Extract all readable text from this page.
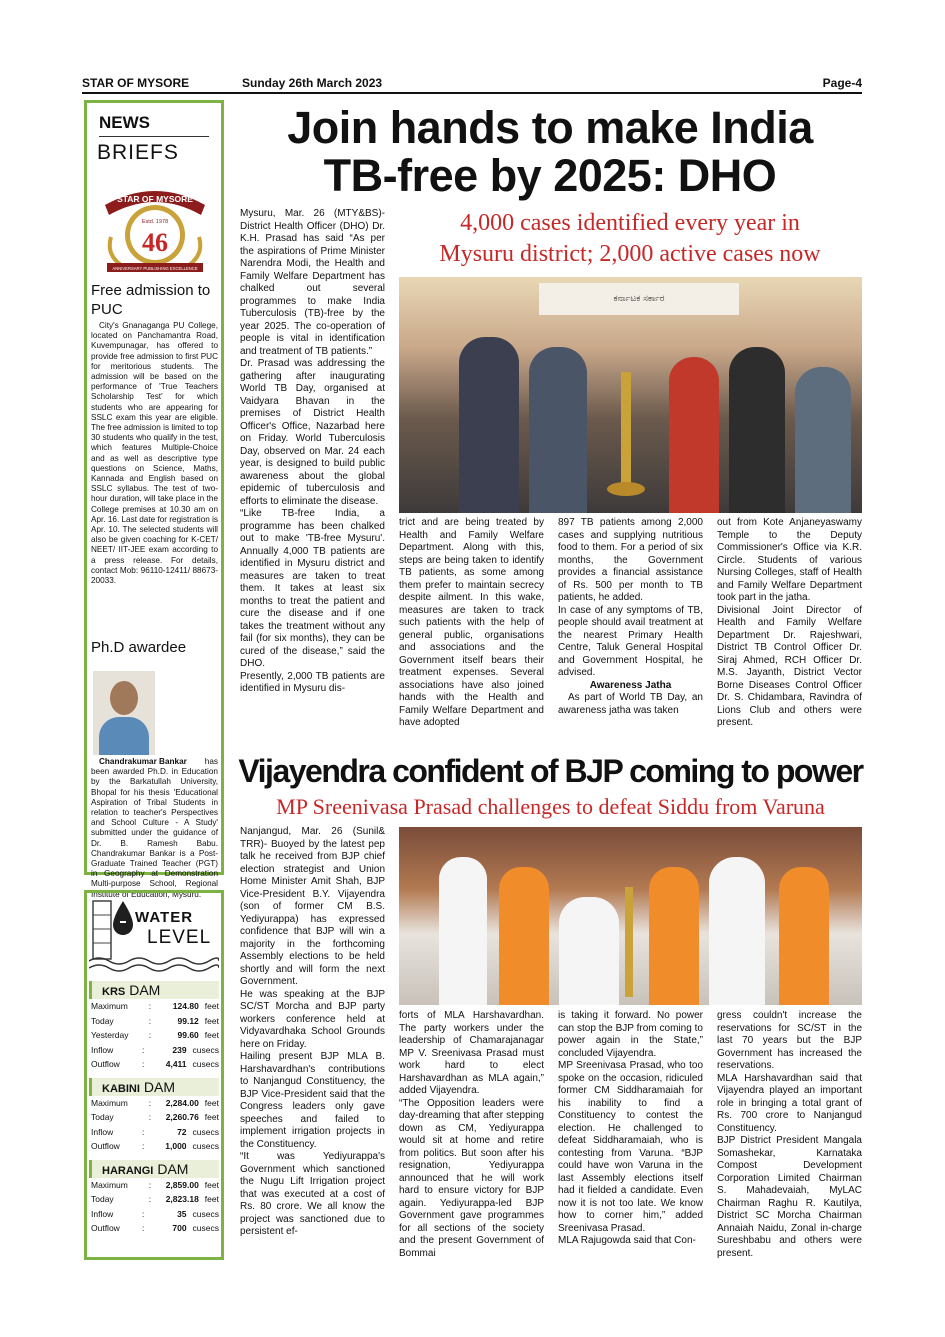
STAR OF MYSORE	Sunday 26th March 2023	Page-4
NEWS
BRIEFS
STAR OF MYSORE
Estd. 1978
46
ANNIVERSARY PUBLISHING EXCELLENCE
Free admission to PUC
City's Gnanaganga PU College, located on Panchamantra Road, Kuvempunagar, has offered to provide free admission to first PUC for meritorious students. The admission will be based on the performance of 'True Teachers Scholarship Test' for which students who are appearing for SSLC exam this year are eligible. The free admission is limited to top 30 students who qualify in the test, which features Multiple-Choice and as well as descriptive type questions on Science, Maths, Kannada and English based on SSLC syllabus. The test of two-hour duration, will take place in the College premises at 10.30 am on Apr. 16. Last date for registration is Apr. 10. The selected students will also be given coaching for K-CET/ NEET/ IIT-JEE exam according to a press release. For details, contact Mob: 96110-12411/ 88673-20033.
Ph.D awardee
Chandrakumar Bankar has been awarded Ph.D. in Education by the Barkatullah University, Bhopal for his thesis 'Educational Aspiration of Tribal Students in relation to teacher's Perspectives and School Culture - A Study' submitted under the guidance of Dr. B. Ramesh Babu. Chandrakumar Bankar is a Post-Graduate Trained Teacher (PGT) in Geography at Demonstration Multi-purpose School, Regional Institute of Education, Mysuru.
WATER
LEVEL
KRS DAM
Maximum	:	124.80 feet
Today	:	99.12 feet
Yesterday	:	99.60 feet
Inflow	:	239 cusecs
Outflow	:	4,411 cusecs
KABINI DAM
Maximum	:	2,284.00 feet
Today	:	2,260.76 feet
Inflow	:	72 cusecs
Outflow	:	1,000 cusecs
HARANGI DAM
Maximum	:	2,859.00 feet
Today	:	2,823.18 feet
Inflow	:	35 cusecs
Outflow	:	700 cusecs
Join hands to make India
TB-free by 2025: DHO
Mysuru, Mar. 26 (MTY&BS)- District Health Officer (DHO) Dr. K.H. Prasad has said “As per the aspirations of Prime Minister Narendra Modi, the Health and Family Welfare Department has chalked out several programmes to make India Tuberculosis (TB)-free by the year 2025. The co-operation of people is vital in identification and treatment of TB patients.”
Dr. Prasad was addressing the gathering after inaugurating World TB Day, organised at Vaidyara Bhavan in the premises of District Health Officer's Office, Nazarbad here on Friday. World Tuberculosis Day, observed on Mar. 24 each year, is designed to build public awareness about the global epidemic of tuberculosis and efforts to eliminate the disease.
“Like TB-free India, a programme has been chalked out to make 'TB-free Mysuru'. Annually 4,000 TB patients are identified in Mysuru district and measures are taken to treat them. It takes at least six months to treat the patient and cure the disease and if one takes the treatment without any fail (for six months), they can be cured of the disease,” said the DHO.
Presently, 2,000 TB patients are identified in Mysuru dis-
4,000 cases identified every year in
Mysuru district; 2,000 active cases now
ಕರ್ನಾಟಕ ಸರ್ಕಾರ
trict and are being treated by Health and Family Welfare Department. Along with this, steps are being taken to identify TB patients, as some among them prefer to maintain secrecy despite ailment. In this wake, measures are taken to track such patients with the help of general public, organisations and associations and the Government itself bears their treatment expenses. Several associations have also joined hands with the Health and Family Welfare Department and have adopted
897 TB patients among 2,000 cases and supplying nutritious food to them. For a period of six months, the Government provides a financial assistance of Rs. 500 per month to TB patients, he added.
In case of any symptoms of TB, people should avail treatment at the nearest Primary Health Centre, Taluk General Hospital and Government Hospital, he advised.
Awareness Jatha
As part of World TB Day, an awareness jatha was taken
out from Kote Anjaneyaswamy Temple to the Deputy Commissioner's Office via K.R. Circle. Students of various Nursing Colleges, staff of Health and Family Welfare Department took part in the jatha.
Divisional Joint Director of Health and Family Welfare Department Dr. Rajeshwari, District TB Control Officer Dr. Siraj Ahmed, RCH Officer Dr. M.S. Jayanth, District Vector Borne Diseases Control Officer Dr. S. Chidambara, Ravindra of Lions Club and others were present.
Vijayendra confident of BJP coming to power
MP Sreenivasa Prasad challenges to defeat Siddu from Varuna
Nanjangud, Mar. 26 (Sunil& TRR)- Buoyed by the latest pep talk he received from BJP chief election strategist and Union Home Minister Amit Shah, BJP Vice-President B.Y. Vijayendra (son of former CM B.S. Yediyurappa) has expressed confidence that BJP will win a majority in the forthcoming Assembly elections to be held shortly and will form the next Government.
He was speaking at the BJP SC/ST Morcha and BJP party workers conference held at Vidyavardhaka School Grounds here on Friday.
Hailing present BJP MLA B. Harshavardhan's contributions to Nanjangud Constituency, the BJP Vice-President said that the Congress leaders only gave speeches and failed to implement irrigation projects in the Constituency.
“It was Yediyurappa's Government which sanctioned the Nugu Lift Irrigation project that was executed at a cost of Rs. 80 crore. We all know the project was sanctioned due to persistent ef-
forts of MLA Harshavardhan. The party workers under the leadership of Chamarajanagar MP V. Sreenivasa Prasad must work hard to elect Harshavardhan as MLA again,” added Vijayendra.
“The Opposition leaders were day-dreaming that after stepping down as CM, Yediyurappa would sit at home and retire from politics. But soon after his resignation, Yediyurappa announced that he will work hard to ensure victory for BJP again. Yediyurappa-led BJP Government gave programmes for all sections of the society and the present Government of Bommai
is taking it forward. No power can stop the BJP from coming to power again in the State,” concluded Vijayendra.
MP Sreenivasa Prasad, who too spoke on the occasion, ridiculed former CM Siddharamaiah for his inability to find a Constituency to contest the election. He challenged to defeat Siddharamaiah, who is contesting from Varuna. “BJP could have won Varuna in the last Assembly elections itself had it fielded a candidate. Even now it is not too late. We know how to corner him,” added Sreenivasa Prasad.
MLA Rajugowda said that Con-
gress couldn't increase the reservations for SC/ST in the last 70 years but the BJP Government has increased the reservations.
MLA Harshavardhan said that Vijayendra played an important role in bringing a total grant of Rs. 700 crore to Nanjangud Constituency.
BJP District President Mangala Somashekar, Karnataka Compost Development Corporation Limited Chairman S. Mahadevaiah, MyLAC Chairman Raghu R. Kautilya, District SC Morcha Chairman Annaiah Naidu, Zonal in-charge Sureshbabu and others were present.
